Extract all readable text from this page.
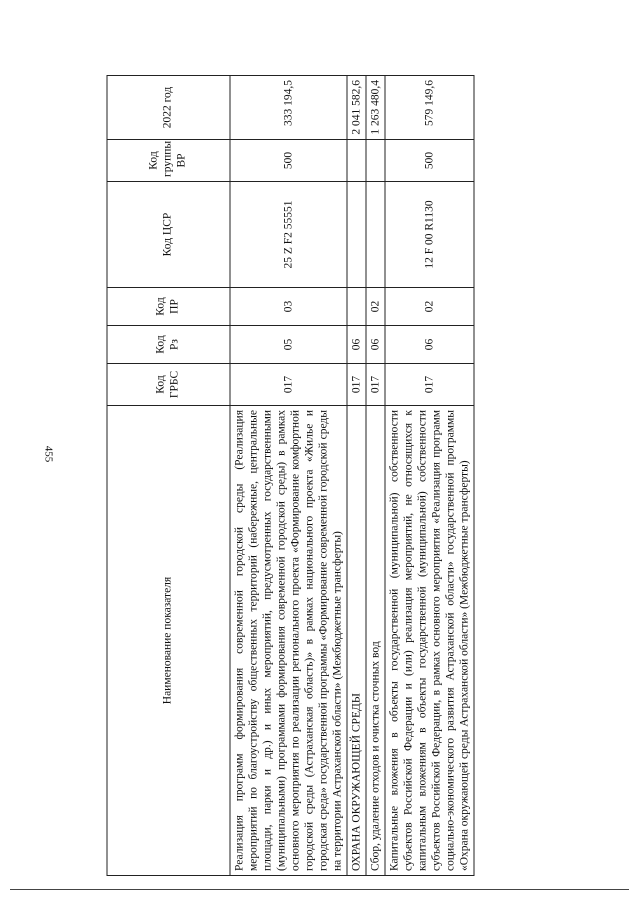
455
Наименование показателя	Код ГРБС	Код Рз	Код ПР	Код ЦСР	Код группы ВР	2022 год
Реализация программ формирования современной городской среды (Реализация мероприятий по благоустройству общественных территорий (набережные, центральные площади, парки и др.) и иных мероприятий, предусмотренных государственными (муниципальными) программами формирования современной городской среды) в рамках основного мероприятия по реализации регионального проекта «Формирование комфортной городской среды (Астраханская область)» в рамках национального проекта «Жилье и городская среда» государственной программы «Формирование современной городской среды на территории Астраханской области» (Межбюджетные трансферты)	017	05	03	25 Z F2 55551	500	333 194,5
ОХРАНА ОКРУЖАЮЩЕЙ СРЕДЫ	017	06				2 041 582,6
Сбор, удаление отходов и очистка сточных вод	017	06	02			1 263 480,4
Капитальные вложения в объекты государственной (муниципальной) собственности субъектов Российской Федерации и (или) реализация мероприятий, не относящихся к капитальным вложениям в объекты государственной (муниципальной) собственности субъектов Российской Федерации, в рамках основного мероприятия «Реализация программ социально-экономического развития Астраханской области» государственной программы «Охрана окружающей среды Астраханской области» (Межбюджетные трансферты)	017	06	02	12 F 00 R1130	500	579 149,6
